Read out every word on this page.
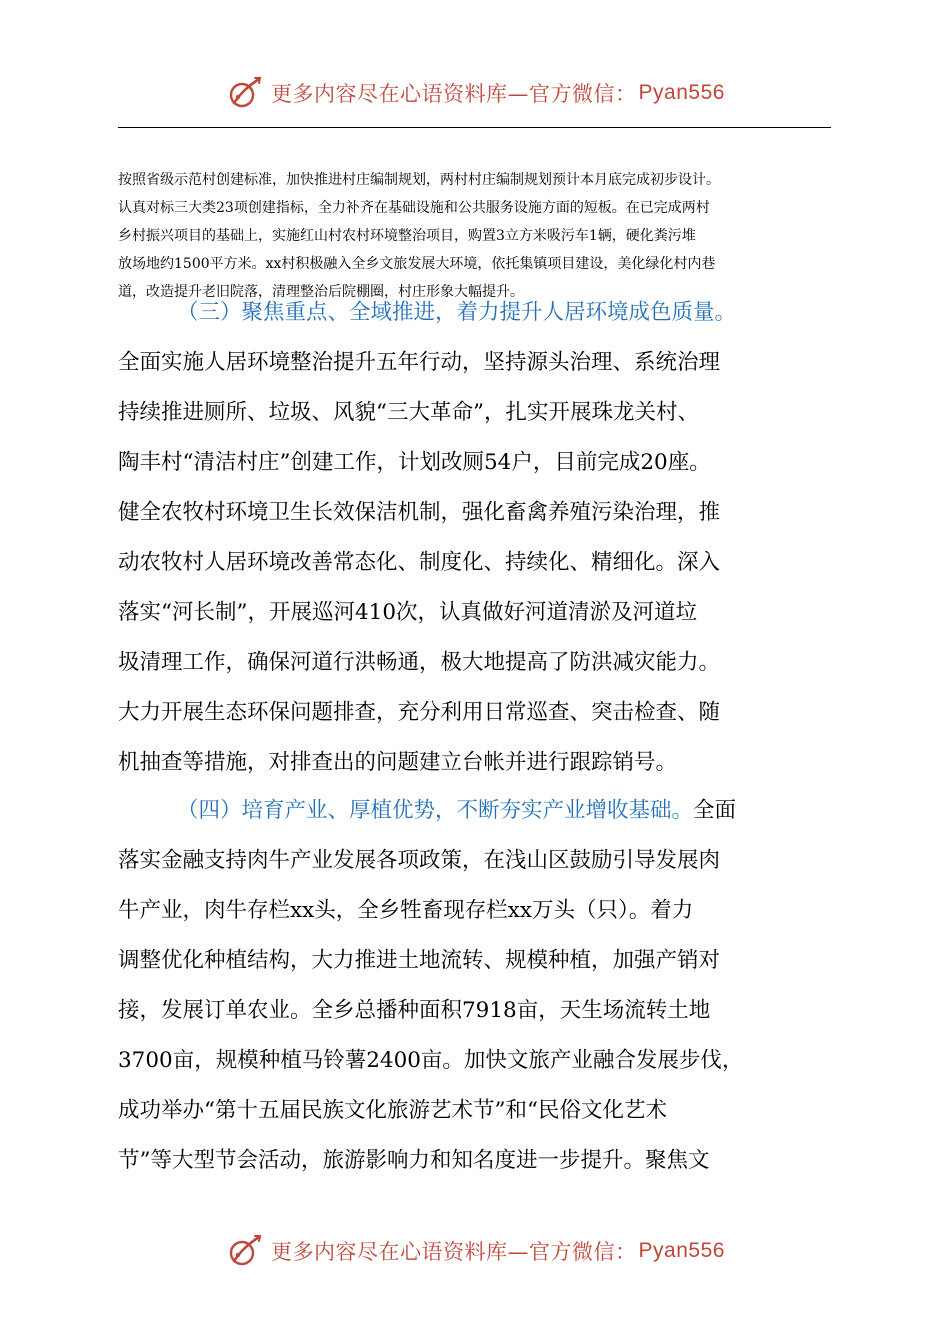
更多内容尽在心语资料库—官方微信： Pyan556
按照省级示范村创建标准，加快推进村庄编制规划，两村村庄编制规划预计本月底完成初步设计。
认真对标三大类23项创建指标，全力补齐在基础设施和公共服务设施方面的短板。在已完成两村
乡村振兴项目的基础上，实施红山村农村环境整治项目，购置3立方米吸污车1辆，硬化粪污堆
放场地约1500平方米。xx村积极融入全乡文旅发展大环境，依托集镇项目建设，美化绿化村内巷
道，改造提升老旧院落，清理整治后院棚圈，村庄形象大幅提升。
（三）聚焦重点、全域推进，着力提升人居环境成色质量。
全面实施人居环境整治提升五年行动，坚持源头治理、系统治理
持续推进厕所、垃圾、风貌“三大革命”，扎实开展珠龙关村、
陶丰村“清洁村庄”创建工作，计划改厕54户，目前完成20座。
健全农牧村环境卫生长效保洁机制，强化畜禽养殖污染治理，推
动农牧村人居环境改善常态化、制度化、持续化、精细化。深入
落实“河长制”，开展巡河410次，认真做好河道清淤及河道垃
圾清理工作，确保河道行洪畅通，极大地提高了防洪减灾能力。
大力开展生态环保问题排查，充分利用日常巡查、突击检查、随
机抽查等措施，对排查出的问题建立台帐并进行跟踪销号。
（四）培育产业、厚植优势，不断夯实产业增收基础。全面
落实金融支持肉牛产业发展各项政策，在浅山区鼓励引导发展肉
牛产业，肉牛存栏xx头，全乡牲畜现存栏xx万头（只）。着力
调整优化种植结构，大力推进土地流转、规模种植，加强产销对
接，发展订单农业。全乡总播种面积7918亩，天生场流转土地
3700亩，规模种植马铃薯2400亩。加快文旅产业融合发展步伐，
成功举办“第十五届民族文化旅游艺术节”和“民俗文化艺术
节”等大型节会活动，旅游影响力和知名度进一步提升。聚焦文
更多内容尽在心语资料库—官方微信： Pyan556
